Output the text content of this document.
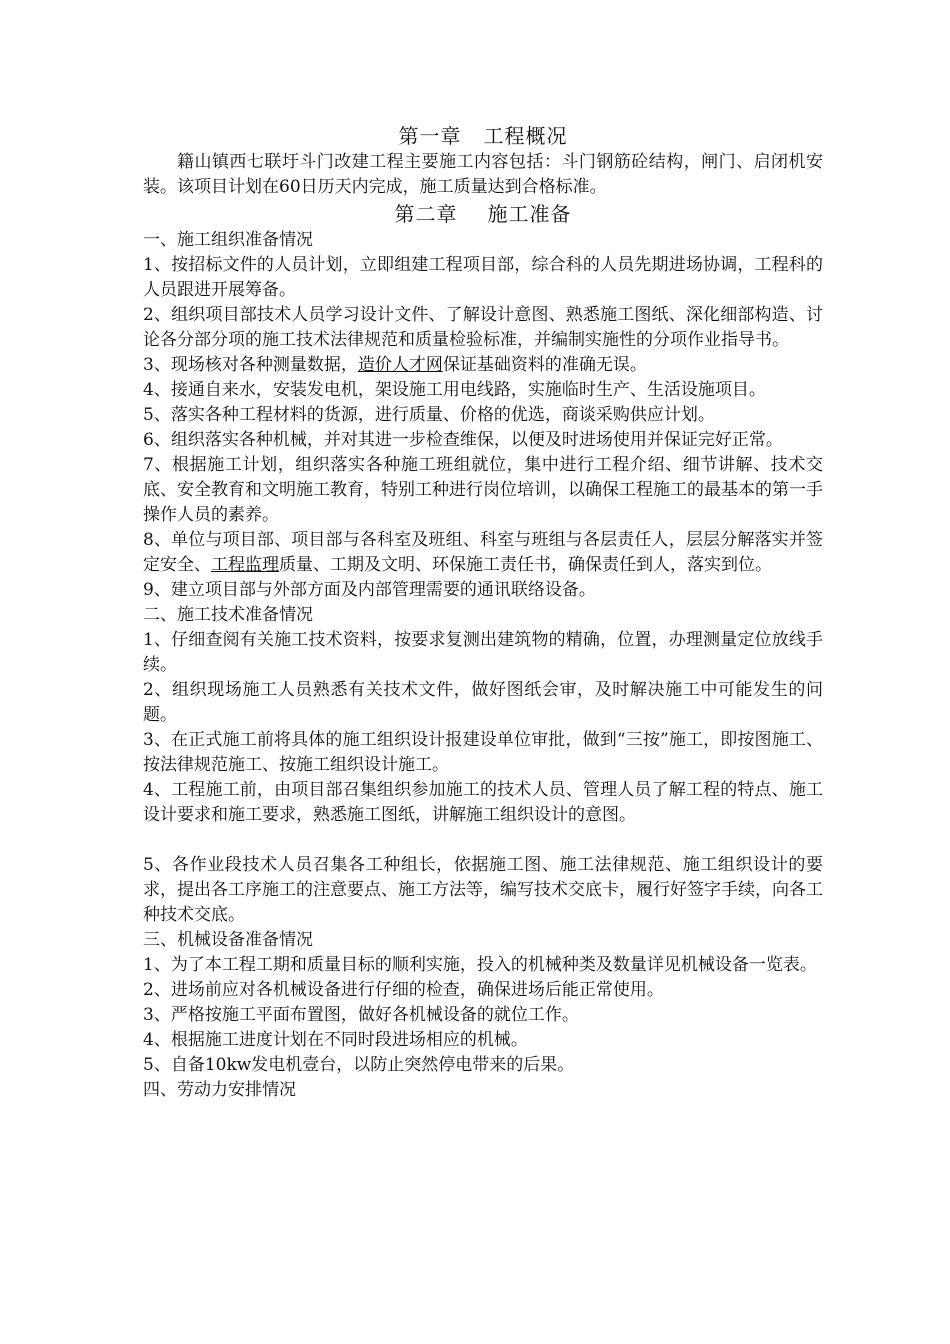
第一章 工程概况

籍山镇西七联圩斗门改建工程主要施工内容包括：斗门钢筋砼结构，闸门、启闭机安装。该项目计划在60日历天内完成，施工质量达到合格标准。

第二章 施工准备

一、施工组织准备情况

1、按招标文件的人员计划，立即组建工程项目部，综合科的人员先期进场协调，工程科的人员跟进开展筹备。

2、组织项目部技术人员学习设计文件、了解设计意图、熟悉施工图纸、深化细部构造、讨论各分部分项的施工技术法律规范和质量检验标准，并编制实施性的分项作业指导书。

3、现场核对各种测量数据，造价人才网保证基础资料的准确无误。

4、接通自来水，安装发电机，架设施工用电线路，实施临时生产、生活设施项目。

5、落实各种工程材料的货源，进行质量、价格的优选，商谈采购供应计划。

6、组织落实各种机械，并对其进一步检查维保，以便及时进场使用并保证完好正常。

7、根据施工计划，组织落实各种施工班组就位，集中进行工程介绍、细节讲解、技术交底、安全教育和文明施工教育，特别工种进行岗位培训，以确保工程施工的最基本的第一手操作人员的素养。

8、单位与项目部、项目部与各科室及班组、科室与班组与各层责任人，层层分解落实并签定安全、工程监理质量、工期及文明、环保施工责任书，确保责任到人，落实到位。

9、建立项目部与外部方面及内部管理需要的通讯联络设备。

二、施工技术准备情况

1、仔细查阅有关施工技术资料，按要求复测出建筑物的精确，位置，办理测量定位放线手续。

2、组织现场施工人员熟悉有关技术文件，做好图纸会审，及时解决施工中可能发生的问题。

3、在正式施工前将具体的施工组织设计报建设单位审批，做到“三按”施工，即按图施工、按法律规范施工、按施工组织设计施工。

4、工程施工前，由项目部召集组织参加施工的技术人员、管理人员了解工程的特点、施工设计要求和施工要求，熟悉施工图纸，讲解施工组织设计的意图。

5、各作业段技术人员召集各工种组长，依据施工图、施工法律规范、施工组织设计的要求，提出各工序施工的注意要点、施工方法等，编写技术交底卡，履行好签字手续，向各工种技术交底。

三、机械设备准备情况

1、为了本工程工期和质量目标的顺利实施，投入的机械种类及数量详见机械设备一览表。

2、进场前应对各机械设备进行仔细的检查，确保进场后能正常使用。

3、严格按施工平面布置图，做好各机械设备的就位工作。

4、根据施工进度计划在不同时段进场相应的机械。

5、自备10kw发电机壹台，以防止突然停电带来的后果。

四、劳动力安排情况
